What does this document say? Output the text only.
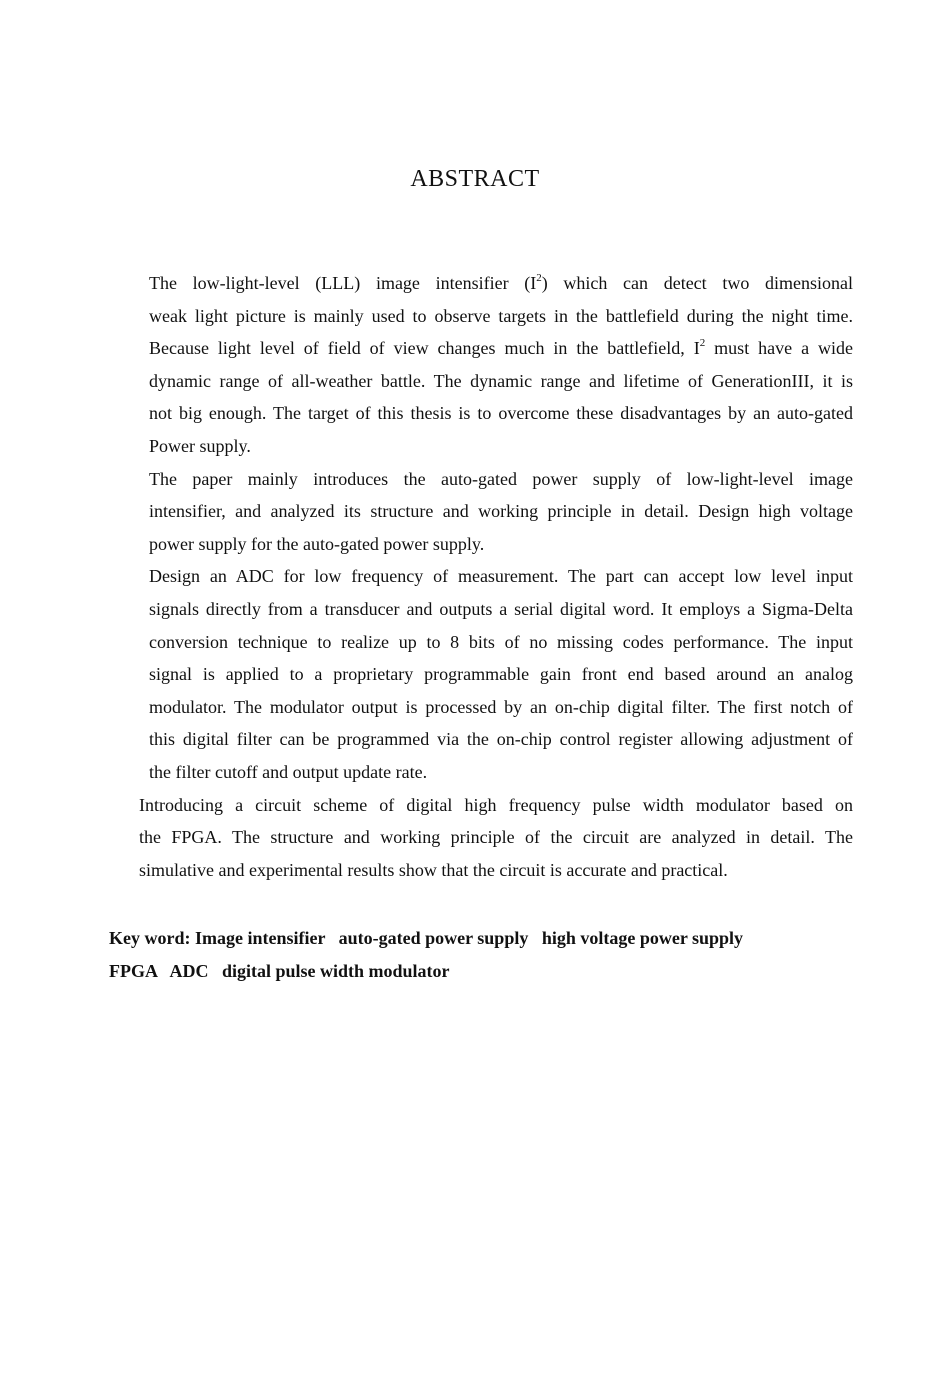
ABSTRACT

The low-light-level (LLL) image intensifier $(I^2)$ which can detect two dimensional
weak light picture is mainly used to observe targets in the battlefield during the night time.
Because light level of field of view changes much in the battlefield, $I^2$ must have a wide
dynamic range of all-weather battle. The dynamic range and lifetime of GenerationIII, it is
not big enough. The target of this thesis is to overcome these disadvantages by an auto-gated
Power supply.

The paper mainly introduces the auto-gated power supply of low-light-level image
intensifier, and analyzed its structure and working principle in detail. Design high voltage
power supply for the auto-gated power supply.

Design an ADC for low frequency of measurement. The part can accept low level input
signals directly from a transducer and outputs a serial digital word. It employs a Sigma-Delta
conversion technique to realize up to 8 bits of no missing codes performance. The input
signal is applied to a proprietary programmable gain front end based around an analog
modulator. The modulator output is processed by an on-chip digital filter. The first notch of
this digital filter can be programmed via the on-chip control register allowing adjustment of
the filter cutoff and output update rate.

Introducing a circuit scheme of digital high frequency pulse width modulator based on
the FPGA. The structure and working principle of the circuit are analyzed in detail. The
simulative and experimental results show that the circuit is accurate and practical.

Key word: Image intensifier   auto-gated power supply   high voltage power supply
FPGA   ADC   digital pulse width modulator
